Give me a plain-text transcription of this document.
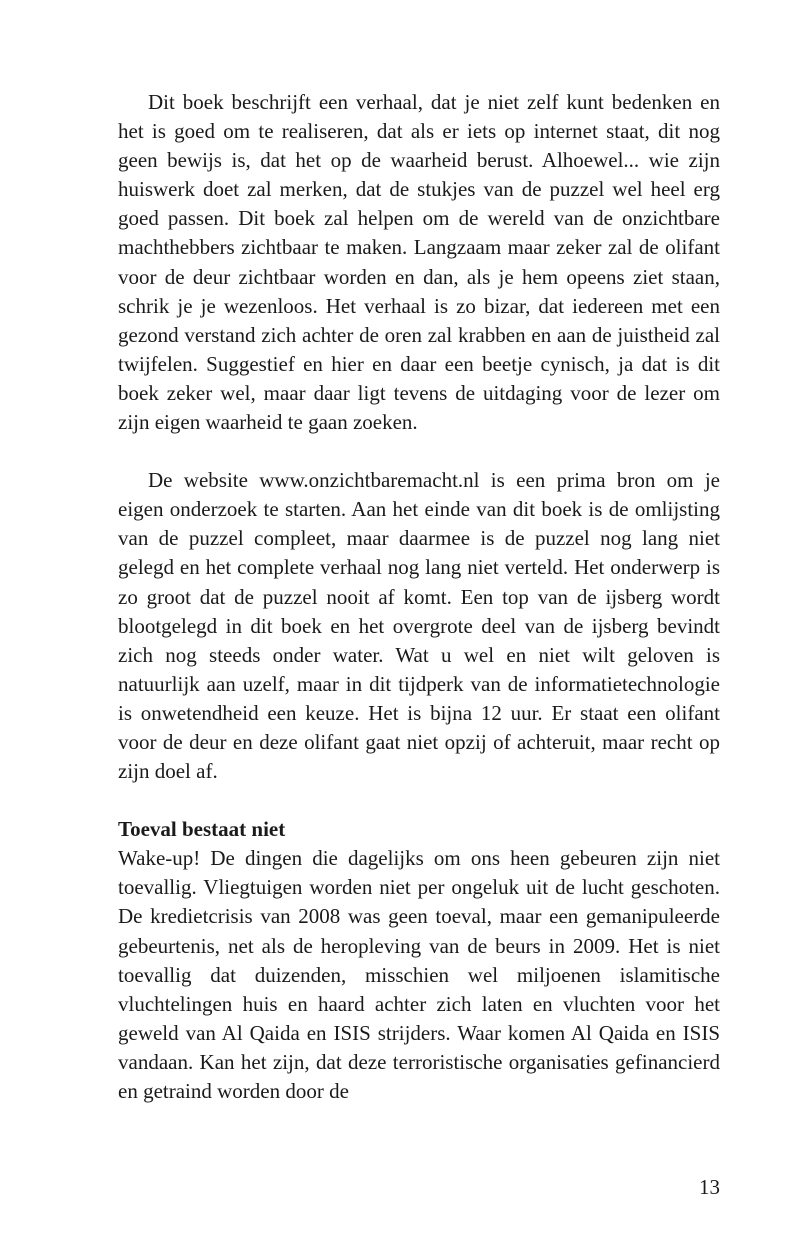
Dit boek beschrijft een verhaal, dat je niet zelf kunt bedenken en het is goed om te realiseren, dat als er iets op internet staat, dit nog geen bewijs is, dat het op de waarheid berust. Alhoewel... wie zijn huiswerk doet zal merken, dat de stukjes van de puzzel wel heel erg goed passen. Dit boek zal helpen om de wereld van de onzichtbare machthebbers zichtbaar te maken. Langzaam maar zeker zal de olifant voor de deur zichtbaar worden en dan, als je hem opeens ziet staan, schrik je je wezenloos. Het verhaal is zo bizar, dat iedereen met een gezond verstand zich achter de oren zal krabben en aan de juistheid zal twijfelen. Suggestief en hier en daar een beetje cynisch, ja dat is dit boek zeker wel, maar daar ligt tevens de uitdaging voor de lezer om zijn eigen waarheid te gaan zoeken.

De website www.onzichtbaremacht.nl is een prima bron om je eigen onderzoek te starten. Aan het einde van dit boek is de omlijsting van de puzzel compleet, maar daarmee is de puzzel nog lang niet gelegd en het complete verhaal nog lang niet verteld. Het onderwerp is zo groot dat de puzzel nooit af komt. Een top van de ijsberg wordt blootgelegd in dit boek en het overgrote deel van de ijsberg bevindt zich nog steeds onder water. Wat u wel en niet wilt geloven is natuurlijk aan uzelf, maar in dit tijdperk van de informatietechnologie is onwetendheid een keuze. Het is bijna 12 uur. Er staat een olifant voor de deur en deze olifant gaat niet opzij of achteruit, maar recht op zijn doel af.

Toeval bestaat niet

Wake-up! De dingen die dagelijks om ons heen gebeuren zijn niet toevallig. Vliegtuigen worden niet per ongeluk uit de lucht geschoten. De kredietcrisis van 2008 was geen toeval, maar een gemanipuleerde gebeurtenis, net als de heropleving van de beurs in 2009. Het is niet toevallig dat duizenden, misschien wel miljoenen islamitische vluchtelingen huis en haard achter zich laten en vluchten voor het geweld van Al Qaida en ISIS strijders. Waar komen Al Qaida en ISIS vandaan. Kan het zijn, dat deze terroristische organisaties gefinancierd en getraind worden door de

13
